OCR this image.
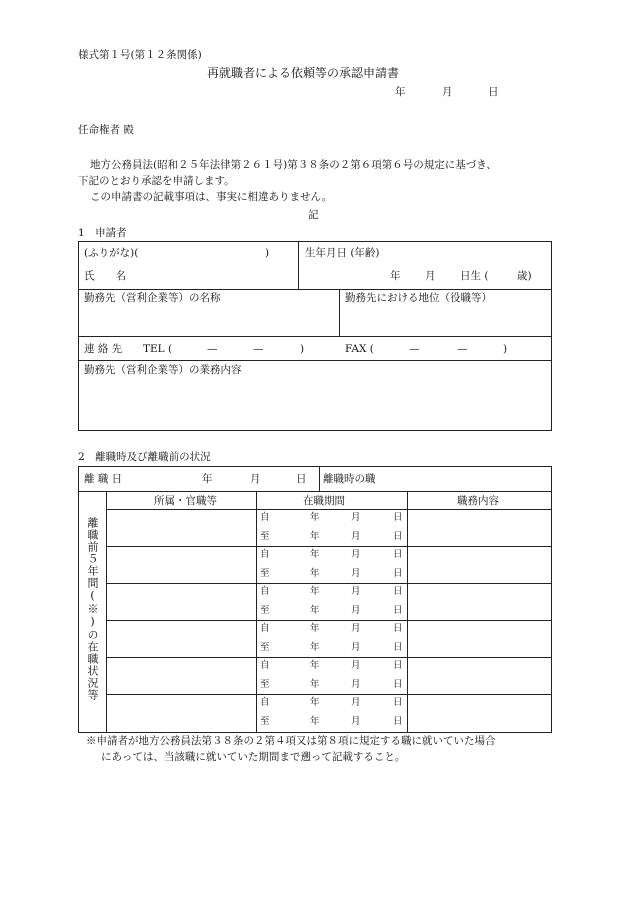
様式第１号(第１２条関係)
再就職者による依頼等の承認申請書
年	月	日
任命権者 殿
地方公務員法(昭和２５年法律第２６１号)第３８条の２第６項第６号の規定に基づき、
下記のとおり承認を申請します。
この申請書の記載事項は、事実に相違ありません。
記
1　申請者
(ふりがな)(	)
氏　　名
生年月日 (年齢)
年 月 日生 (	歳)
勤務先（営利企業等）の名称	勤務先における地位（役職等）
連 絡 先 TEL (	—	—	)	FAX (	—	—	)
勤務先（営利企業等）の業務内容
2　離職時及び離職前の状況
離 職 日	年	月	日 離職時の職
離職前５年間(※)の在職状況等
所属・官職等	在職期間	職務内容
自	年	月	日
至	年	月	日
自	年	月	日
至	年	月	日
自	年	月	日
至	年	月	日
自	年	月	日
至	年	月	日
自	年	月	日
至	年	月	日
自	年	月	日
至	年	月	日
※申請者が地方公務員法第３８条の２第４項又は第８項に規定する職に就いていた場合
にあっては、当該職に就いていた期間まで遡って記載すること。
